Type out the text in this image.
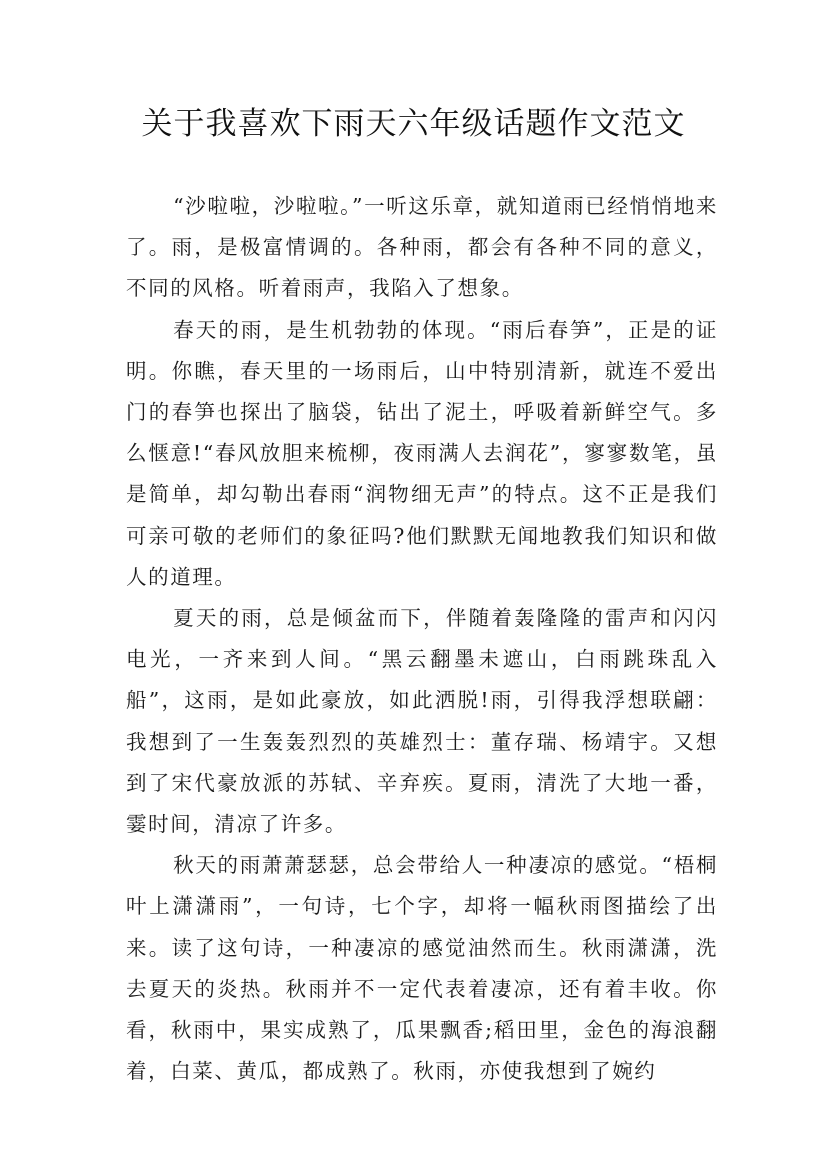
关于我喜欢下雨天六年级话题作文范文

“沙啦啦，沙啦啦。”一听这乐章，就知道雨已经悄悄地来了。雨，是极富情调的。各种雨，都会有各种不同的意义，不同的风格。听着雨声，我陷入了想象。

春天的雨，是生机勃勃的体现。“雨后春笋”，正是的证明。你瞧，春天里的一场雨后，山中特别清新，就连不爱出门的春笋也探出了脑袋，钻出了泥土，呼吸着新鲜空气。多么惬意!“春风放胆来梳柳，夜雨满人去润花”，寥寥数笔，虽是简单，却勾勒出春雨“润物细无声”的特点。这不正是我们可亲可敬的老师们的象征吗?他们默默无闻地教我们知识和做人的道理。

夏天的雨，总是倾盆而下，伴随着轰隆隆的雷声和闪闪电光，一齐来到人间。“黑云翻墨未遮山，白雨跳珠乱入船”，这雨，是如此豪放，如此洒脱!雨，引得我浮想联翩：我想到了一生轰轰烈烈的英雄烈士：董存瑞、杨靖宇。又想到了宋代豪放派的苏轼、辛弃疾。夏雨，清洗了大地一番，霎时间，清凉了许多。

秋天的雨萧萧瑟瑟，总会带给人一种凄凉的感觉。“梧桐叶上潇潇雨”，一句诗，七个字，却将一幅秋雨图描绘了出来。读了这句诗，一种凄凉的感觉油然而生。秋雨潇潇，洗去夏天的炎热。秋雨并不一定代表着凄凉，还有着丰收。你看，秋雨中，果实成熟了，瓜果飘香;稻田里，金色的海浪翻着，白菜、黄瓜，都成熟了。秋雨，亦使我想到了婉约
